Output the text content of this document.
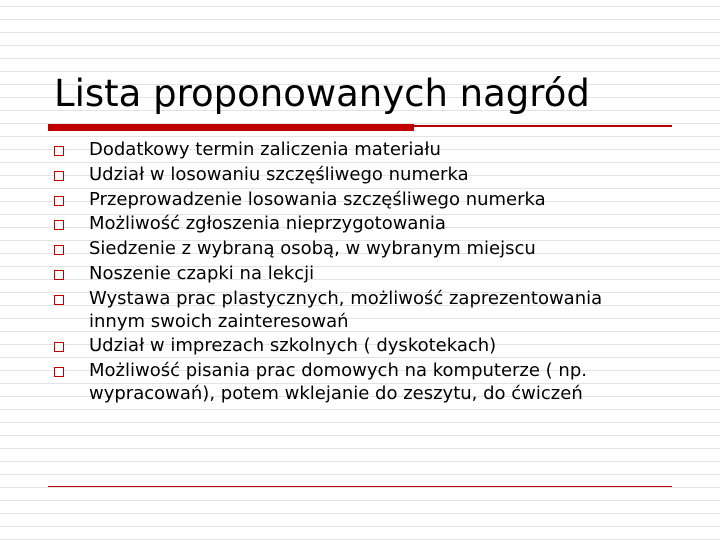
Lista proponowanych nagród
Dodatkowy termin zaliczenia materiału
Udział w losowaniu szczęśliwego numerka
Przeprowadzenie losowania szczęśliwego numerka
Możliwość zgłoszenia nieprzygotowania
Siedzenie z wybraną osobą, w wybranym miejscu
Noszenie czapki na lekcji
Wystawa prac plastycznych, możliwość zaprezentowania
innym swoich zainteresowań
Udział w imprezach szkolnych ( dyskotekach)
Możliwość pisania prac domowych na komputerze ( np.
wypracowań), potem wklejanie do zeszytu, do ćwiczeń
